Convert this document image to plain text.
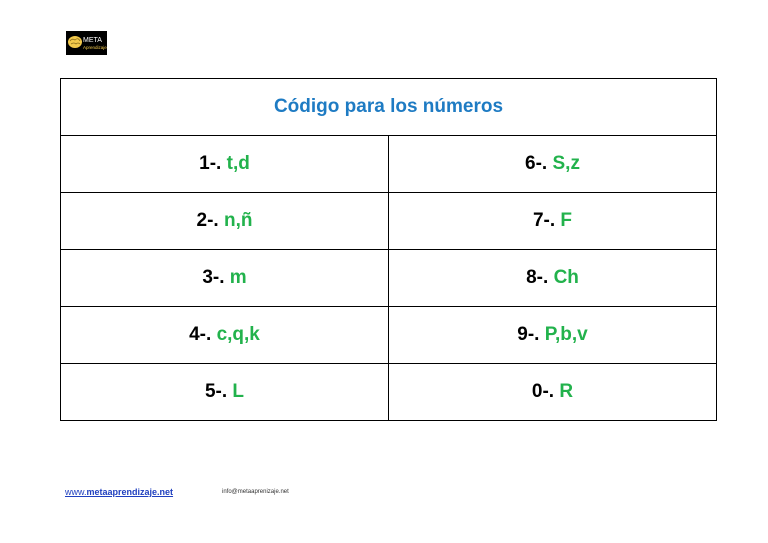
META
Aprendizaje
Código para los números	
1-. t,d	6-. S,z
2-. n,ñ	7-. F
3-. m	8-. Ch
4-. c,q,k	9-. P,b,v
5-. L	0-. R
www.metaaprendizaje.net	info@metaaprenizaje.net
